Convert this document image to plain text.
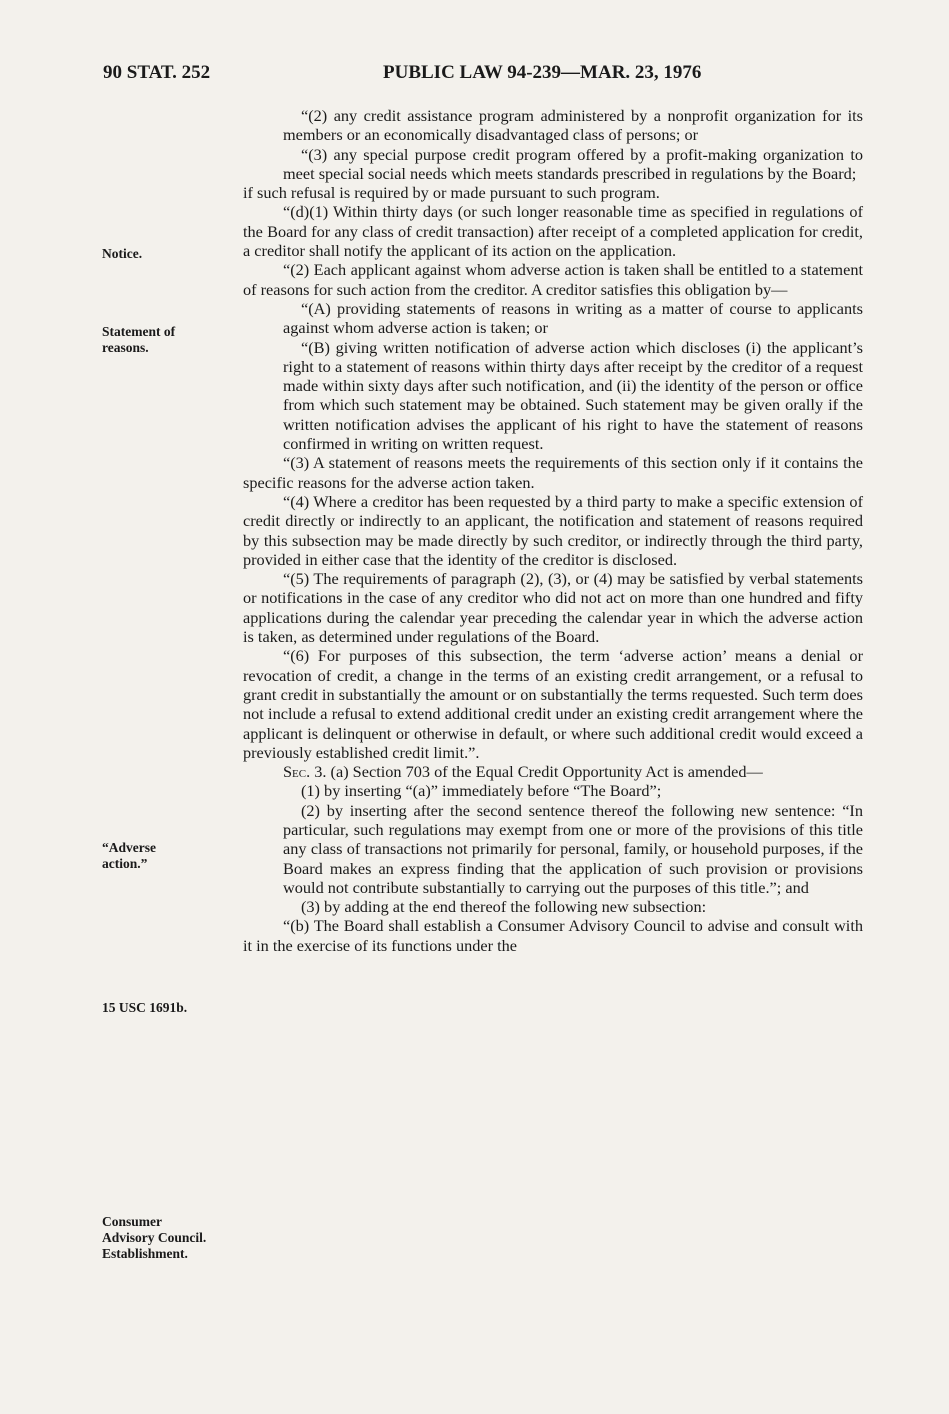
90 STAT. 252	PUBLIC LAW 94-239—MAR. 23, 1976
Notice.
Statement of
reasons.
“Adverse
action.”
15 USC 1691b.
Consumer
Advisory Council.
Establishment.

“(2) any credit assistance program administered by a nonprofit organization for its members or an economically disadvantaged class of persons; or

“(3) any special purpose credit program offered by a profit-making organization to meet special social needs which meets standards prescribed in regulations by the Board;

if such refusal is required by or made pursuant to such program.

“(d)(1) Within thirty days (or such longer reasonable time as specified in regulations of the Board for any class of credit transaction) after receipt of a completed application for credit, a creditor shall notify the applicant of its action on the application.

“(2) Each applicant against whom adverse action is taken shall be entitled to a statement of reasons for such action from the creditor. A creditor satisfies this obligation by—

“(A) providing statements of reasons in writing as a matter of course to applicants against whom adverse action is taken; or

“(B) giving written notification of adverse action which discloses (i) the applicant’s right to a statement of reasons within thirty days after receipt by the creditor of a request made within sixty days after such notification, and (ii) the identity of the person or office from which such statement may be obtained. Such statement may be given orally if the written notification advises the applicant of his right to have the statement of reasons confirmed in writing on written request.

“(3) A statement of reasons meets the requirements of this section only if it contains the specific reasons for the adverse action taken.

“(4) Where a creditor has been requested by a third party to make a specific extension of credit directly or indirectly to an applicant, the notification and statement of reasons required by this subsection may be made directly by such creditor, or indirectly through the third party, provided in either case that the identity of the creditor is disclosed.

“(5) The requirements of paragraph (2), (3), or (4) may be satisfied by verbal statements or notifications in the case of any creditor who did not act on more than one hundred and fifty applications during the calendar year preceding the calendar year in which the adverse action is taken, as determined under regulations of the Board.

“(6) For purposes of this subsection, the term ‘adverse action’ means a denial or revocation of credit, a change in the terms of an existing credit arrangement, or a refusal to grant credit in substantially the amount or on substantially the terms requested. Such term does not include a refusal to extend additional credit under an existing credit arrangement where the applicant is delinquent or otherwise in default, or where such additional credit would exceed a previously established credit limit.”.

Sec. 3. (a) Section 703 of the Equal Credit Opportunity Act is amended—

(1) by inserting “(a)” immediately before “The Board”;

(2) by inserting after the second sentence thereof the following new sentence: “In particular, such regulations may exempt from one or more of the provisions of this title any class of transactions not primarily for personal, family, or household purposes, if the Board makes an express finding that the application of such provision or provisions would not contribute substantially to carrying out the purposes of this title.”; and

(3) by adding at the end thereof the following new subsection:

“(b) The Board shall establish a Consumer Advisory Council to advise and consult with it in the exercise of its functions under the
